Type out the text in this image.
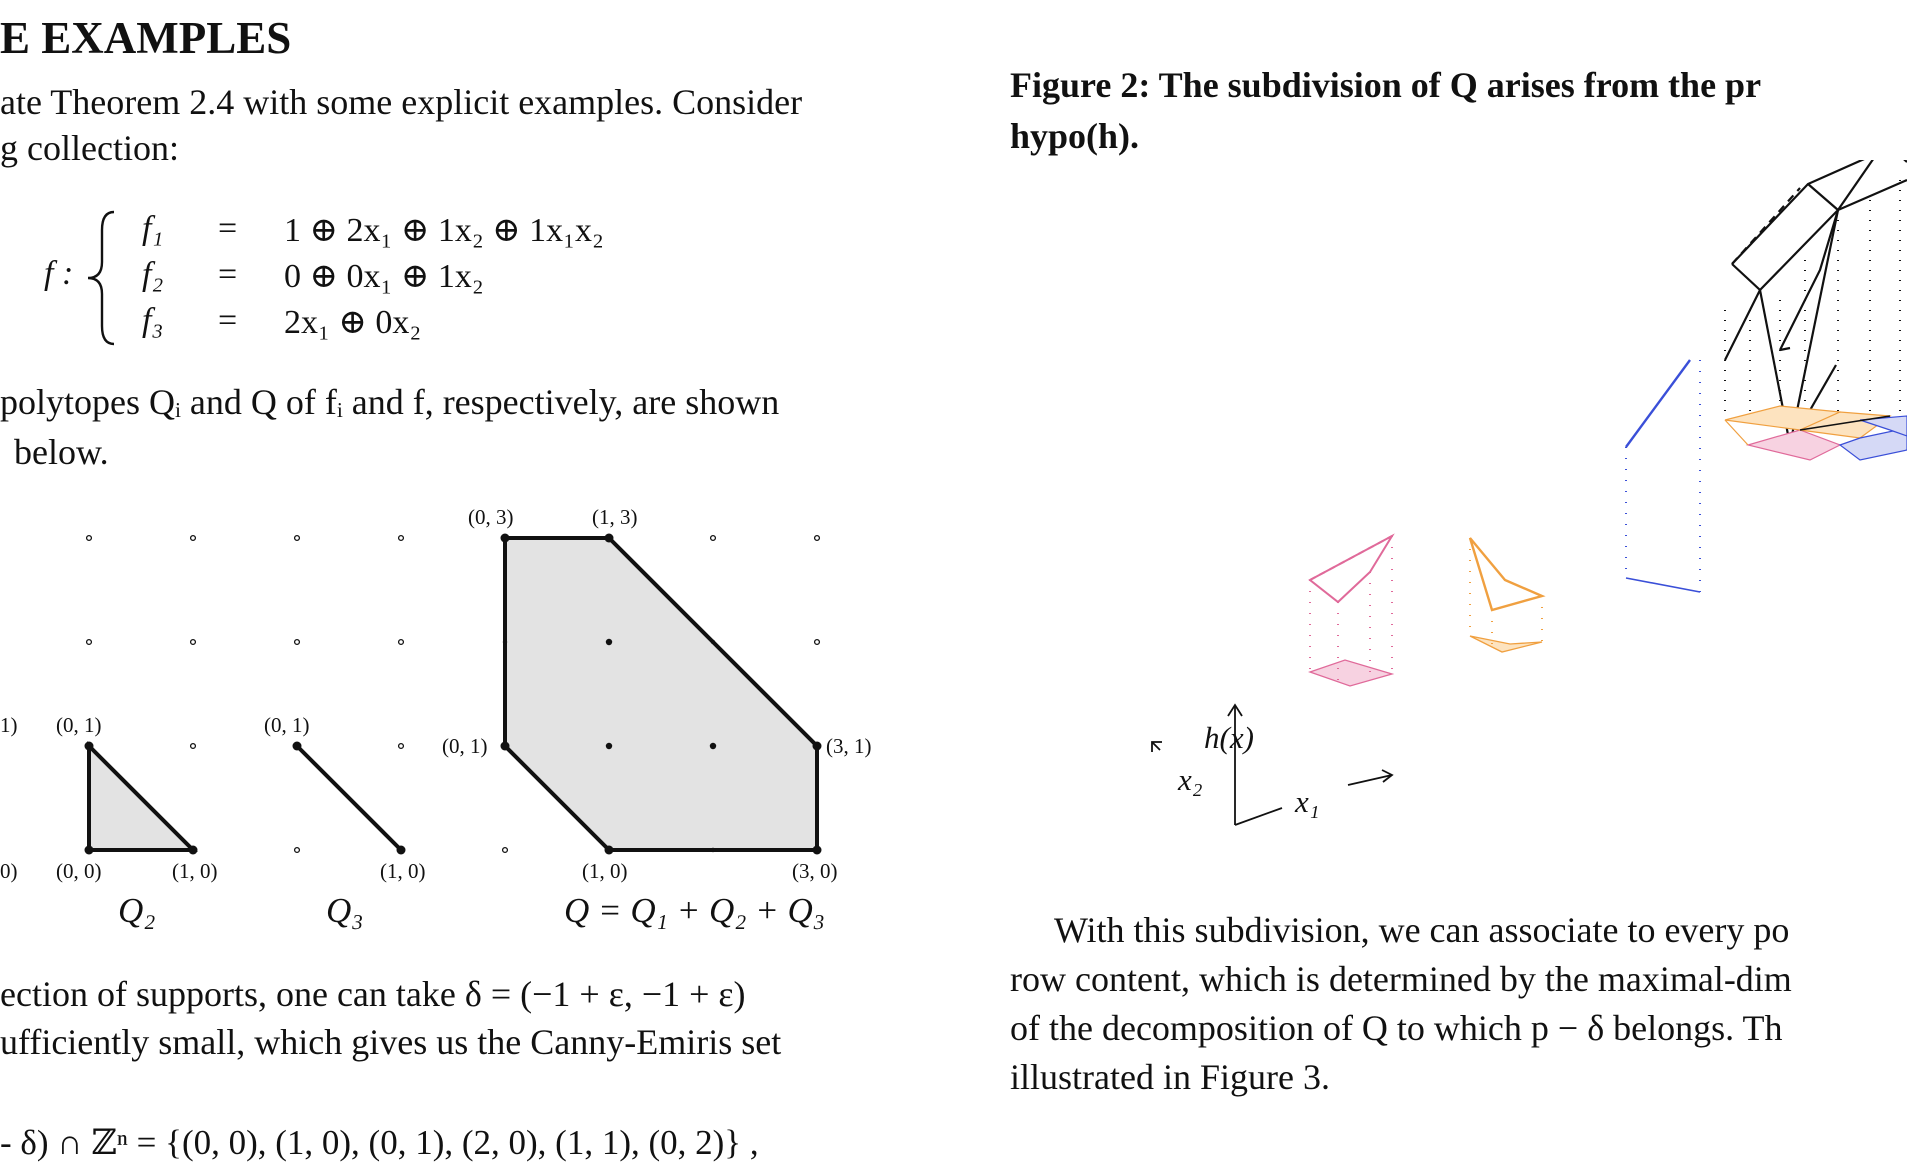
E EXAMPLES
ate Theorem 2.4 with some explicit examples. Consider
g collection:
f :
f₁ = 1 ⊕ 2x₁ ⊕ 1x₂ ⊕ 1x₁x₂
f₂ = 0 ⊕ 0x₁ ⊕ 1x₂
f₃ = 2x₁ ⊕ 0x₂
polytopes Qᵢ and Q of fᵢ and f, respectively, are shown
below.
1)
0)
(0, 1)
(0, 0)	(1, 0)
(0, 1)
(1, 0)
(0, 3)	(1, 3)
(0, 1)	(3, 1)
(1, 0)	(3, 0)
Q₂	Q₃	Q = Q₁ + Q₂ + Q₃
ection of supports, one can take δ = (−1 + ε, −1 + ε)
ufficiently small, which gives us the Canny-Emiris set
- δ) ∩ ℤⁿ = {(0, 0), (1, 0), (0, 1), (2, 0), (1, 1), (0, 2)} ,
Figure 2: The subdivision of Q arises from the pr
hypo(h).
h(x)
x₁
x₂
With this subdivision, we can associate to every po
row content, which is determined by the maximal-dim
of the decomposition of Q to which p − δ belongs. Th
illustrated in Figure 3.
